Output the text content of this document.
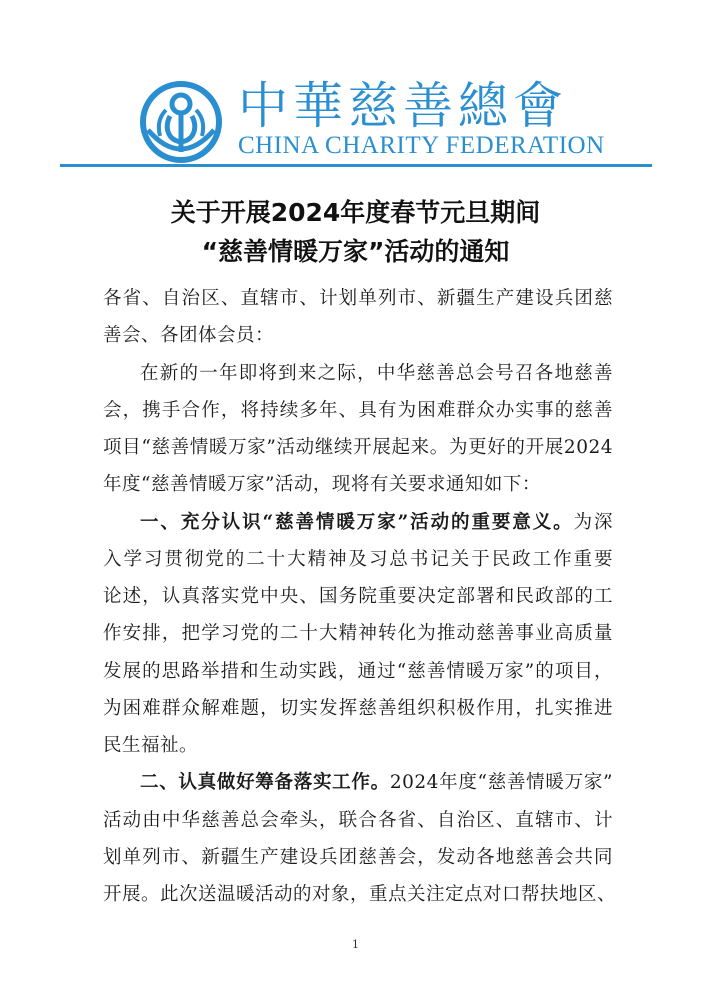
中華慈善總會
CHINA CHARITY FEDERATION
关于开展2024年度春节元旦期间
“慈善情暖万家”活动的通知
各省、自治区、直辖市、计划单列市、新疆生产建设兵团慈
善会、各团体会员：
在新的一年即将到来之际，中华慈善总会号召各地慈善
会，携手合作，将持续多年、具有为困难群众办实事的慈善
项目“慈善情暖万家”活动继续开展起来。为更好的开展2024
年度“慈善情暖万家”活动，现将有关要求通知如下：
一、充分认识“慈善情暖万家”活动的重要意义。为深
入学习贯彻党的二十大精神及习总书记关于民政工作重要
论述，认真落实党中央、国务院重要决定部署和民政部的工
作安排，把学习党的二十大精神转化为推动慈善事业高质量
发展的思路举措和生动实践，通过“慈善情暖万家”的项目，
为困难群众解难题，切实发挥慈善组织积极作用，扎实推进
民生福祉。
二、认真做好筹备落实工作。2024年度“慈善情暖万家”
活动由中华慈善总会牵头，联合各省、自治区、直辖市、计
划单列市、新疆生产建设兵团慈善会，发动各地慈善会共同
开展。此次送温暖活动的对象，重点关注定点对口帮扶地区、
1
